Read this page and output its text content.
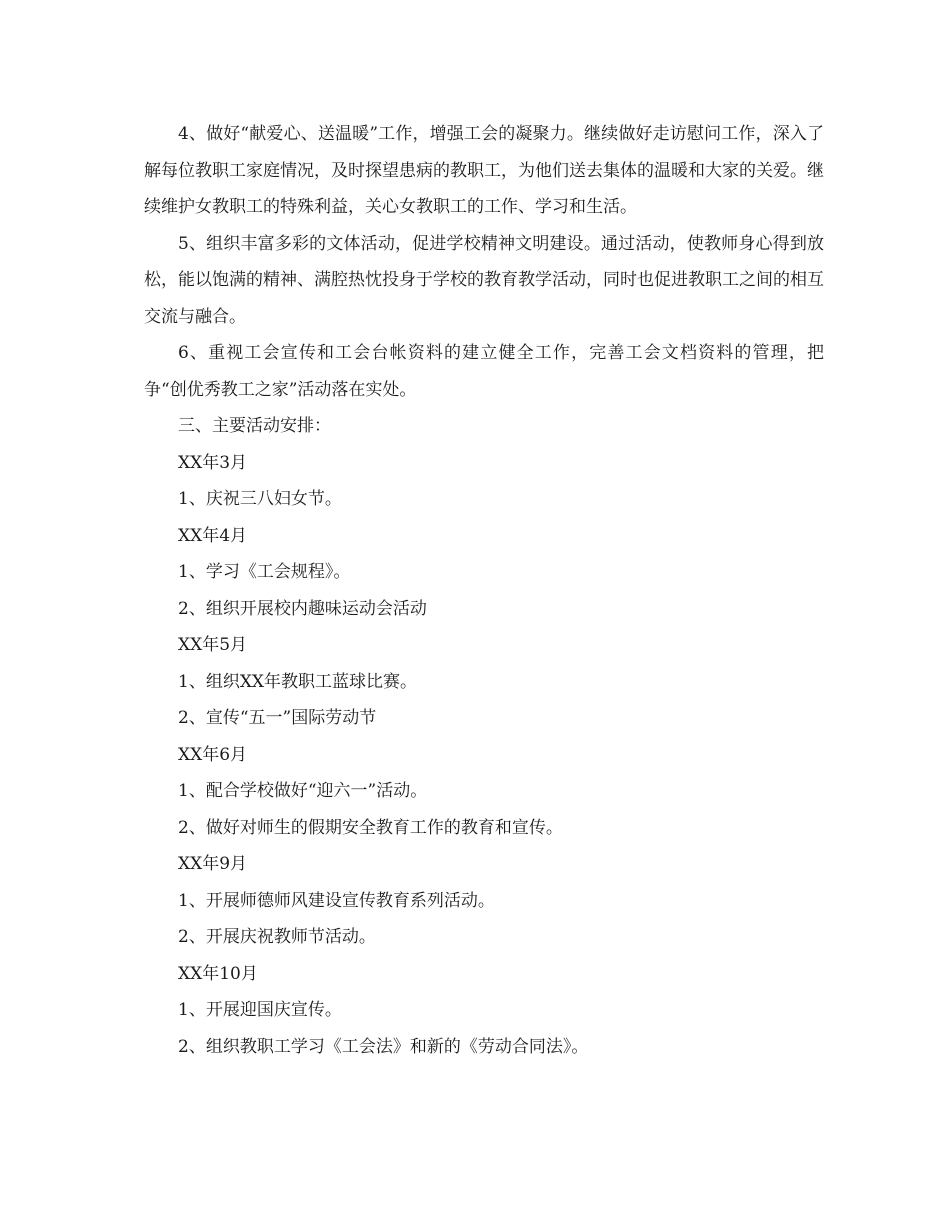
4、做好“献爱心、送温暖”工作，增强工会的凝聚力。继续做好走访慰问工作，深入了解每位教职工家庭情况，及时探望患病的教职工，为他们送去集体的温暖和大家的关爱。继续维护女教职工的特殊利益，关心女教职工的工作、学习和生活。

5、组织丰富多彩的文体活动，促进学校精神文明建设。通过活动，使教师身心得到放松，能以饱满的精神、满腔热忱投身于学校的教育教学活动，同时也促进教职工之间的相互交流与融合。

6、重视工会宣传和工会台帐资料的建立健全工作，完善工会文档资料的管理，把争“创优秀教工之家”活动落在实处。

三、主要活动安排：

XX年3月

1、庆祝三八妇女节。

XX年4月

1、学习《工会规程》。

2、组织开展校内趣味运动会活动

XX年5月

1、组织XX年教职工蓝球比赛。

2、宣传“五一”国际劳动节

XX年6月

1、配合学校做好“迎六一”活动。

2、做好对师生的假期安全教育工作的教育和宣传。

XX年9月

1、开展师德师风建设宣传教育系列活动。

2、开展庆祝教师节活动。

XX年10月

1、开展迎国庆宣传。

2、组织教职工学习《工会法》和新的《劳动合同法》。
